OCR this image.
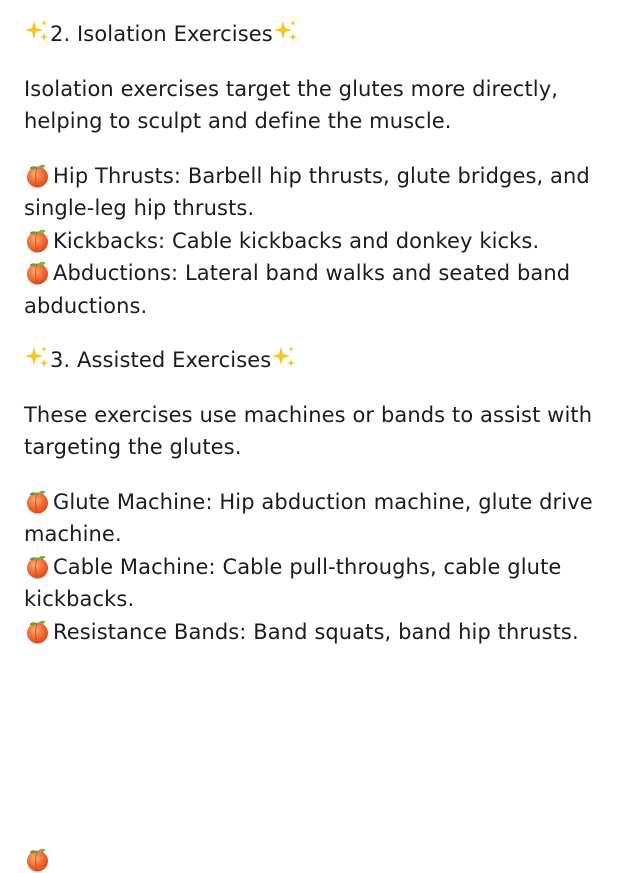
2. Isolation Exercises
Isolation exercises target the glutes more directly, helping to sculpt and define the muscle.
Hip Thrusts: Barbell hip thrusts, glute bridges, and single-leg hip thrusts.
Kickbacks: Cable kickbacks and donkey kicks.
Abductions: Lateral band walks and seated band abductions.
3. Assisted Exercises
These exercises use machines or bands to assist with targeting the glutes.
Glute Machine: Hip abduction machine, glute drive machine.
Cable Machine: Cable pull-throughs, cable glute kickbacks.
Resistance Bands: Band squats, band hip thrusts.
